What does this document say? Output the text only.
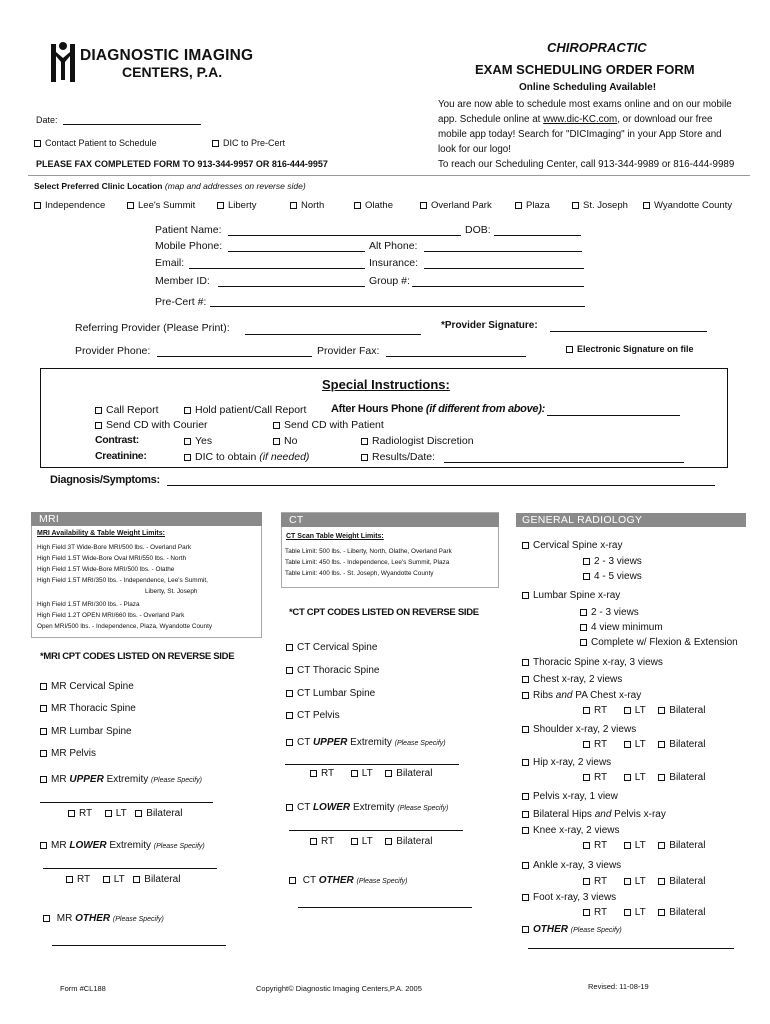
DIAGNOSTIC IMAGING
CENTERS, P.A.
CHIROPRACTIC
EXAM SCHEDULING ORDER FORM
Online Scheduling Available!
You are now able to schedule most exams online and on our mobile
app. Schedule online at www.dic-KC.com, or download our free
mobile app today! Search for "DICImaging" in your App Store and
look for our logo!
To reach our Scheduling Center, call 913-344-9989 or 816-444-9989
Date:
Contact Patient to Schedule	DIC to Pre-Cert
PLEASE FAX COMPLETED FORM TO 913-344-9957 OR 816-444-9957
Select Preferred Clinic Location (map and addresses on reverse side)
Independence	Lee's Summit	Liberty	North	Olathe	Overland Park	Plaza	St. Joseph	Wyandotte County
Patient Name:	DOB:
Mobile Phone:	Alt Phone:
Email:	Insurance:
Member ID:	Group #:
Pre-Cert #:
Referring Provider (Please Print):	*Provider Signature:
Provider Phone:	Provider Fax:	Electronic Signature on file
Special Instructions:
Call Report	Hold patient/Call Report After Hours Phone (if different from above):
Send CD with Courier	Send CD with Patient
Contrast:	Yes	No	Radiologist Discretion
Creatinine:	DIC to obtain (if needed)	Results/Date:
Diagnosis/Symptoms:
MRI	CT	GENERAL RADIOLOGY
MRI Availability & Table Weight Limits:
High Field 3T Wide-Bore MRI/500 lbs. - Overland Park
High Field 1.5T Wide-Bore Oval MRI/550 lbs. - North
High Field 1.5T Wide-Bore MRI/500 lbs. - Olathe
High Field 1.5T MRI/350 lbs. - Independence, Lee's Summit,
Liberty, St. Joseph
High Field 1.5T MRI/300 lbs. - Plaza
High Field 1.2T OPEN MRI/660 lbs. - Overland Park
Open MRI/500 lbs. - Independence, Plaza, Wyandotte County
CT Scan Table Weight Limits:
Table Limit: 500 lbs. - Liberty, North, Olathe, Overland Park
Table Limit: 450 lbs. - Independence, Lee's Summit, Plaza
Table Limit: 400 lbs. - St. Joseph, Wyandotte County
*MRI CPT CODES LISTED ON REVERSE SIDE
*CT CPT CODES LISTED ON REVERSE SIDE
MR Cervical Spine
MR Thoracic Spine
MR Lumbar Spine
MR Pelvis
MR UPPER Extremity (Please Specify)
RT LT Bilateral
MR LOWER Extremity (Please Specify)
RT LT Bilateral
MR OTHER (Please Specify)
CT Cervical Spine
CT Thoracic Spine
CT Lumbar Spine
CT Pelvis
CT UPPER Extremity (Please Specify)
RT	LT Bilateral
CT LOWER Extremity (Please Specify)
RT	LT Bilateral
CT OTHER (Please Specify)
Cervical Spine x-ray
2 - 3 views
4 - 5 views
Lumbar Spine x-ray
2 - 3 views
4 view minimum
Complete w/ Flexion & Extension
Thoracic Spine x-ray, 3 views
Chest x-ray, 2 views
Ribs and PA Chest x-ray
RT	LT Bilateral
Shoulder x-ray, 2 views
RT	LT Bilateral
Hip x-ray, 2 views
RT	LT Bilateral
Pelvis x-ray, 1 view
Bilateral Hips and Pelvis x-ray
Knee x-ray, 2 views
RT	LT Bilateral
Ankle x-ray, 3 views
RT	LT Bilateral
Foot x-ray, 3 views
RT	LT Bilateral
OTHER (Please Specify)
Form #CL188	Copyright© Diagnostic Imaging Centers,P.A. 2005	Revised: 11-08-19
